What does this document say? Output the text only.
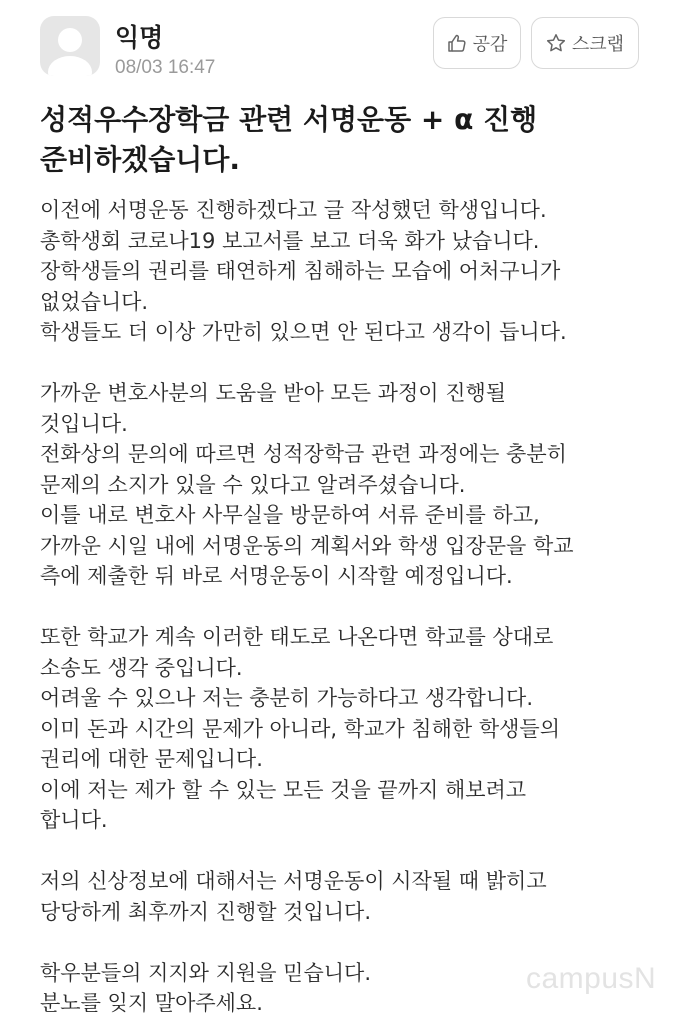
익명
08/03 16:47
공감	스크랩
성적우수장학금 관련 서명운동 + α 진행
준비하겠습니다.
이전에 서명운동 진행하겠다고 글 작성했던 학생입니다.
총학생회 코로나19 보고서를 보고 더욱 화가 났습니다.
장학생들의 권리를 태연하게 침해하는 모습에 어처구니가
없었습니다.
학생들도 더 이상 가만히 있으면 안 된다고 생각이 듭니다.
가까운 변호사분의 도움을 받아 모든 과정이 진행될
것입니다.
전화상의 문의에 따르면 성적장학금 관련 과정에는 충분히
문제의 소지가 있을 수 있다고 알려주셨습니다.
이틀 내로 변호사 사무실을 방문하여 서류 준비를 하고,
가까운 시일 내에 서명운동의 계획서와 학생 입장문을 학교
측에 제출한 뒤 바로 서명운동이 시작할 예정입니다.
또한 학교가 계속 이러한 태도로 나온다면 학교를 상대로
소송도 생각 중입니다.
어려울 수 있으나 저는 충분히 가능하다고 생각합니다.
이미 돈과 시간의 문제가 아니라, 학교가 침해한 학생들의
권리에 대한 문제입니다.
이에 저는 제가 할 수 있는 모든 것을 끝까지 해보려고
합니다.
저의 신상정보에 대해서는 서명운동이 시작될 때 밝히고
당당하게 최후까지 진행할 것입니다.
학우분들의 지지와 지원을 믿습니다.
분노를 잊지 말아주세요.
campusN
